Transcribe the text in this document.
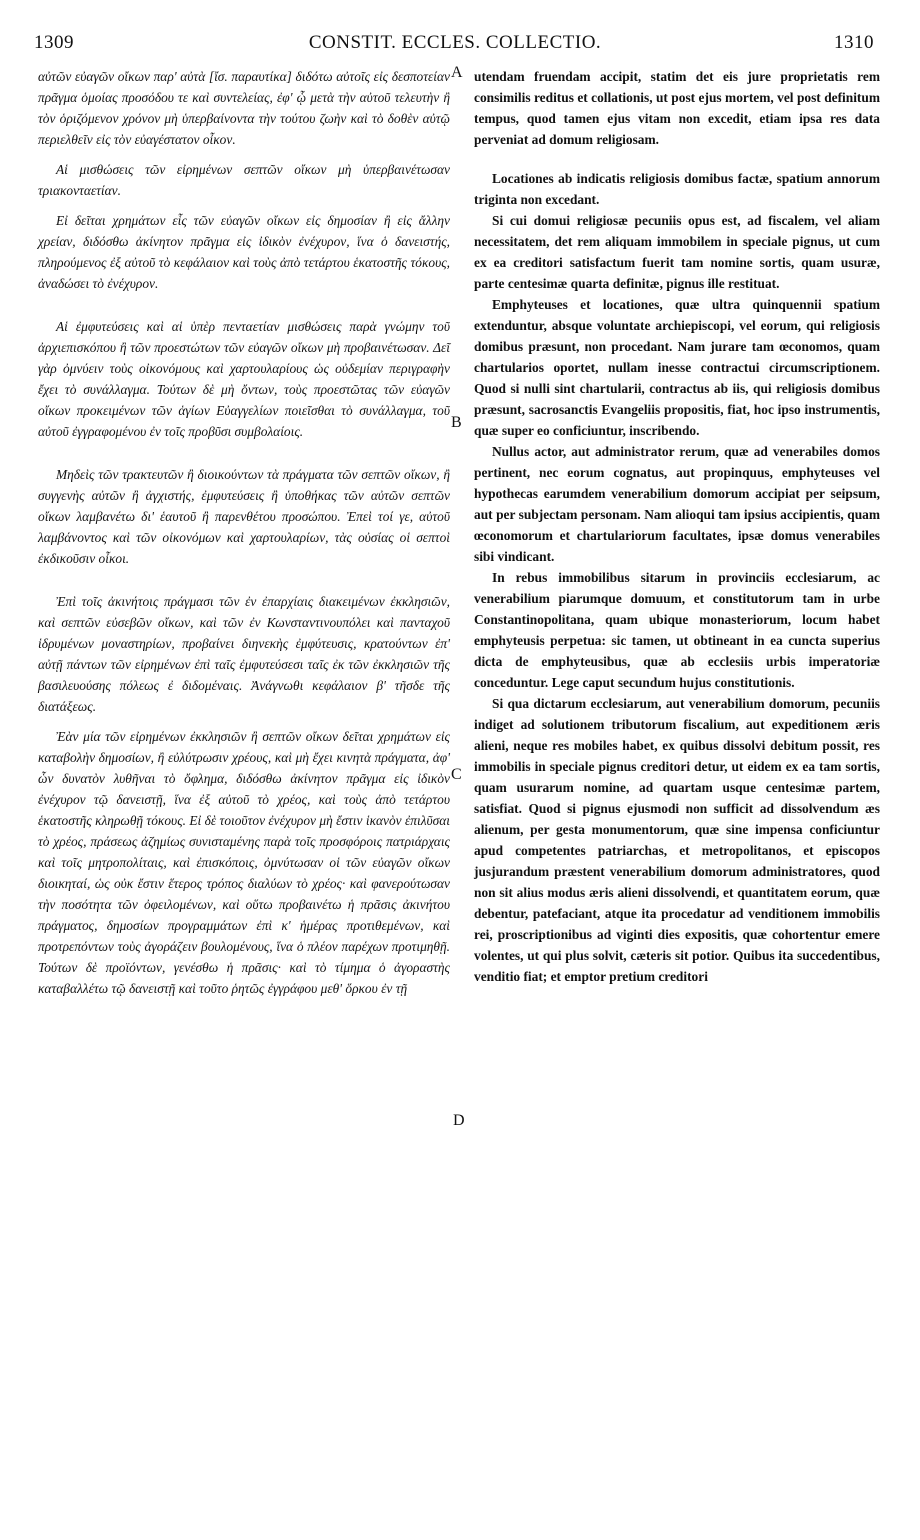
1309	CONSTIT. ECCLES. COLLECTIO.	1310
A
B
C
D

αὐτῶν εὐαγῶν οἴκων παρ' αὐτὰ [ἴσ. παραυτίκα] διδότω αὐτοῖς εἰς δεσποτείαν πρᾶγμα ὁμοίας προσόδου τε καὶ συντελείας, ἐφ' ᾧ μετὰ τὴν αὐτοῦ τελευτὴν ἢ τὸν ὁριζόμενον χρόνον μὴ ὑπερβαίνοντα τὴν τούτου ζωὴν καὶ τὸ δοθὲν αὐτῷ περιελθεῖν εἰς τὸν εὐαγέστατον οἶκον.

Αἱ μισθώσεις τῶν εἰρημένων σεπτῶν οἴκων μὴ ὑπερβαινέτωσαν τριακονταετίαν.

Εἰ δεῖται χρημάτων εἷς τῶν εὐαγῶν οἴκων εἰς δημοσίαν ἢ εἰς ἄλλην χρείαν, διδόσθω ἀκίνητον πρᾶγμα εἰς ἰδικὸν ἐνέχυρον, ἵνα ὁ δανειστής, πληρούμενος ἐξ αὐτοῦ τὸ κεφάλαιον καὶ τοὺς ἀπὸ τετάρτου ἑκατοστῆς τόκους, ἀναδώσει τὸ ἐνέχυρον.

Αἱ ἐμφυτεύσεις καὶ αἱ ὑπὲρ πενταετίαν μισθώσεις παρὰ γνώμην τοῦ ἀρχιεπισκόπου ἢ τῶν προεστώτων τῶν εὐαγῶν οἴκων μὴ προβαινέτωσαν. Δεῖ γὰρ ὀμνύειν τοὺς οἰκονόμους καὶ χαρτουλαρίους ὡς οὐδεμίαν περιγραφὴν ἔχει τὸ συνάλλαγμα. Τούτων δὲ μὴ ὄντων, τοὺς προεστῶτας τῶν εὐαγῶν οἴκων προκειμένων τῶν ἁγίων Εὐαγγελίων ποιεῖσθαι τὸ συνάλλαγμα, τοῦ αὐτοῦ ἐγγραφομένου ἐν τοῖς προβῦσι συμβολαίοις.

Μηδεὶς τῶν τρακτευτῶν ἢ διοικούντων τὰ πράγματα τῶν σεπτῶν οἴκων, ἢ συγγενὴς αὐτῶν ἢ ἀγχιστής, ἐμφυτεύσεις ἢ ὑποθήκας τῶν αὐτῶν σεπτῶν οἴκων λαμβανέτω δι' ἑαυτοῦ ἢ παρενθέτου προσώπου. Ἐπεὶ τοί γε, αὐτοῦ λαμβάνοντος καὶ τῶν οἰκονόμων καὶ χαρτουλαρίων, τὰς οὐσίας οἱ σεπτοὶ ἐκδικοῦσιν οἶκοι.

Ἐπὶ τοῖς ἀκινήτοις πράγμασι τῶν ἐν ἐπαρχίαις διακειμένων ἐκκλησιῶν, καὶ σεπτῶν εὐσεβῶν οἴκων, καὶ τῶν ἐν Κωνσταντινουπόλει καὶ πανταχοῦ ἱδρυμένων μοναστηρίων, προβαίνει διηνεκὴς ἐμφύτευσις, κρατούντων ἐπ' αὐτῇ πάντων τῶν εἰρημένων ἐπὶ ταῖς ἐμφυτεύσεσι ταῖς ἐκ τῶν ἐκκλησιῶν τῆς βασιλευούσης πόλεως ἐ διδομέναις. Ἀνάγνωθι κεφάλαιον β' τῆσδε τῆς διατάξεως.

Ἐὰν μία τῶν εἰρημένων ἐκκλησιῶν ἢ σεπτῶν οἴκων δεῖται χρημάτων εἰς καταβολὴν δημοσίων, ἢ εὐλύτρωσιν χρέους, καὶ μὴ ἔχει κινητὰ πράγματα, ἀφ' ὧν δυνατὸν λυθῆναι τὸ ὄφλημα, διδόσθω ἀκίνητον πρᾶγμα εἰς ἰδικὸν ἐνέχυρον τῷ δανειστῇ, ἵνα ἐξ αὐτοῦ τὸ χρέος, καὶ τοὺς ἀπὸ τετάρτου ἑκατοστῆς κληρωθῇ τόκους. Εἰ δὲ τοιοῦτον ἐνέχυρον μὴ ἔστιν ἱκανὸν ἐπιλῦσαι τὸ χρέος, πράσεως ἀζημίως συνισταμένης παρὰ τοῖς προσφόροις πατριάρχαις καὶ τοῖς μητροπολίταις, καὶ ἐπισκόποις, ὀμνύτωσαν οἱ τῶν εὐαγῶν οἴκων διοικηταί, ὡς οὐκ ἔστιν ἕτερος τρόπος διαλύων τὸ χρέος· καὶ φανερούτωσαν τὴν ποσότητα τῶν ὀφειλομένων, καὶ οὕτω προβαινέτω ἡ πρᾶσις ἀκινήτου πράγματος, δημοσίων προγραμμάτων ἐπὶ κ' ἡμέρας προτιθεμένων, καὶ προτρεπόντων τοὺς ἀγοράζειν βουλομένους, ἵνα ὁ πλέον παρέχων προτιμηθῇ. Τούτων δὲ προϊόντων, γενέσθω ἡ πρᾶσις· καὶ τὸ τίμημα ὁ ἀγοραστὴς καταβαλλέτω τῷ δανειστῇ καὶ τοῦτο ῥητῶς ἐγγράφου μεθ' ὅρκου ἐν τῇ

utendam fruendam accipit, statim det eis jure proprietatis rem consimilis reditus et collationis, ut post ejus mortem, vel post definitum tempus, quod tamen ejus vitam non excedit, etiam ipsa res data perveniat ad domum religiosam.

Locationes ab indicatis religiosis domibus factæ, spatium annorum triginta non excedant.

Si cui domui religiosæ pecuniis opus est, ad fiscalem, vel aliam necessitatem, det rem aliquam immobilem in speciale pignus, ut cum ex ea creditori satisfactum fuerit tam nomine sortis, quam usuræ, parte centesimæ quarta definitæ, pignus ille restituat.

Emphyteuses et locationes, quæ ultra quinquennii spatium extenduntur, absque voluntate archiepiscopi, vel eorum, qui religiosis domibus præsunt, non procedant. Nam jurare tam œconomos, quam chartularios oportet, nullam inesse contractui circumscriptionem. Quod si nulli sint chartularii, contractus ab iis, qui religiosis domibus præsunt, sacrosanctis Evangeliis propositis, fiat, hoc ipso instrumentis, quæ super eo conficiuntur, inscribendo.

Nullus actor, aut administrator rerum, quæ ad venerabiles domos pertinent, nec eorum cognatus, aut propinquus, emphyteuses vel hypothecas earumdem venerabilium domorum accipiat per seipsum, aut per subjectam personam. Nam alioqui tam ipsius accipientis, quam œconomorum et chartulariorum facultates, ipsæ domus venerabiles sibi vindicant.

In rebus immobilibus sitarum in provinciis ecclesiarum, ac venerabilium piarumque domuum, et constitutorum tam in urbe Constantinopolitana, quam ubique monasteriorum, locum habet emphyteusis perpetua: sic tamen, ut obtineant in ea cuncta superius dicta de emphyteusibus, quæ ab ecclesiis urbis imperatoriæ conceduntur. Lege caput secundum hujus constitutionis.

Si qua dictarum ecclesiarum, aut venerabilium domorum, pecuniis indiget ad solutionem tributorum fiscalium, aut expeditionem æris alieni, neque res mobiles habet, ex quibus dissolvi debitum possit, res immobilis in speciale pignus creditori detur, ut eidem ex ea tam sortis, quam usurarum nomine, ad quartam usque centesimæ partem, satisfiat. Quod si pignus ejusmodi non sufficit ad dissolvendum æs alienum, per gesta monumentorum, quæ sine impensa conficiuntur apud competentes patriarchas, et metropolitanos, et episcopos jusjurandum præstent venerabilium domorum administratores, quod non sit alius modus æris alieni dissolvendi, et quantitatem eorum, quæ debentur, patefaciant, atque ita procedatur ad venditionem immobilis rei, proscriptionibus ad viginti dies expositis, quæ cohortentur emere volentes, ut qui plus solvit, cæteris sit potior. Quibus ita succedentibus, venditio fiat; et emptor pretium creditori
